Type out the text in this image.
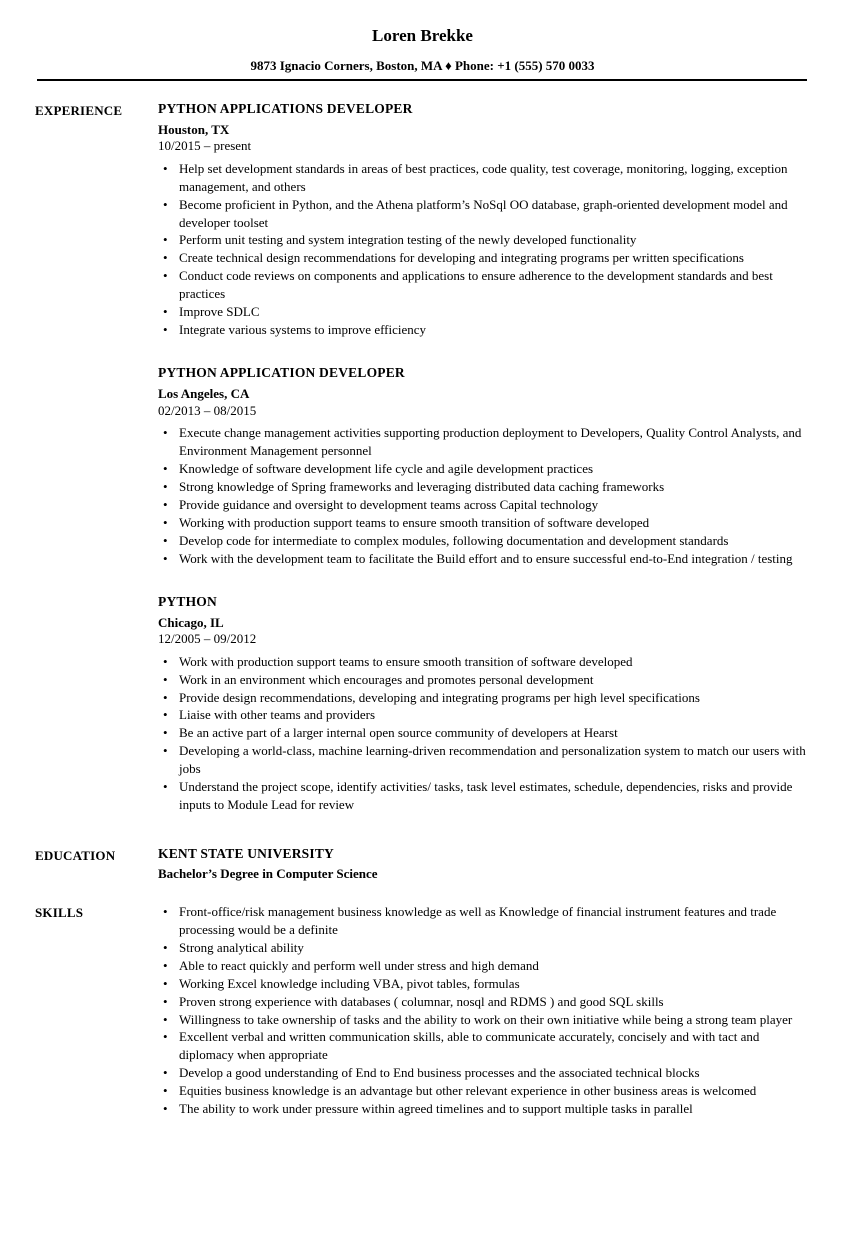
Loren Brekke
9873 Ignacio Corners, Boston, MA ♦ Phone: +1 (555) 570 0033
EXPERIENCE	PYTHON APPLICATIONS DEVELOPER
Houston, TX
10/2015 – present
• Help set development standards in areas of best practices, code quality, test coverage, monitoring, logging, exception management, and others
• Become proficient in Python, and the Athena platform’s NoSql OO database, graph-oriented development model and developer toolset
• Perform unit testing and system integration testing of the newly developed functionality
• Create technical design recommendations for developing and integrating programs per written specifications
• Conduct code reviews on components and applications to ensure adherence to the development standards and best practices
• Improve SDLC
• Integrate various systems to improve efficiency
PYTHON APPLICATION DEVELOPER
Los Angeles, CA
02/2013 – 08/2015
• Execute change management activities supporting production deployment to Developers, Quality Control Analysts, and Environment Management personnel
• Knowledge of software development life cycle and agile development practices
• Strong knowledge of Spring frameworks and leveraging distributed data caching frameworks
• Provide guidance and oversight to development teams across Capital technology
• Working with production support teams to ensure smooth transition of software developed
• Develop code for intermediate to complex modules, following documentation and development standards
• Work with the development team to facilitate the Build effort and to ensure successful end-to-End integration / testing
PYTHON
Chicago, IL
12/2005 – 09/2012
• Work with production support teams to ensure smooth transition of software developed
• Work in an environment which encourages and promotes personal development
• Provide design recommendations, developing and integrating programs per high level specifications
• Liaise with other teams and providers
• Be an active part of a larger internal open source community of developers at Hearst
• Developing a world-class, machine learning-driven recommendation and personalization system to match our users with jobs
• Understand the project scope, identify activities/ tasks, task level estimates, schedule, dependencies, risks and provide inputs to Module Lead for review
EDUCATION	KENT STATE UNIVERSITY
Bachelor’s Degree in Computer Science
SKILLS	• Front-office/risk management business knowledge as well as Knowledge of financial instrument features and trade processing would be a definite
• Strong analytical ability
• Able to react quickly and perform well under stress and high demand
• Working Excel knowledge including VBA, pivot tables, formulas
• Proven strong experience with databases ( columnar, nosql and RDMS ) and good SQL skills
• Willingness to take ownership of tasks and the ability to work on their own initiative while being a strong team player
• Excellent verbal and written communication skills, able to communicate accurately, concisely and with tact and diplomacy when appropriate
• Develop a good understanding of End to End business processes and the associated technical blocks
• Equities business knowledge is an advantage but other relevant experience in other business areas is welcomed
• The ability to work under pressure within agreed timelines and to support multiple tasks in parallel
